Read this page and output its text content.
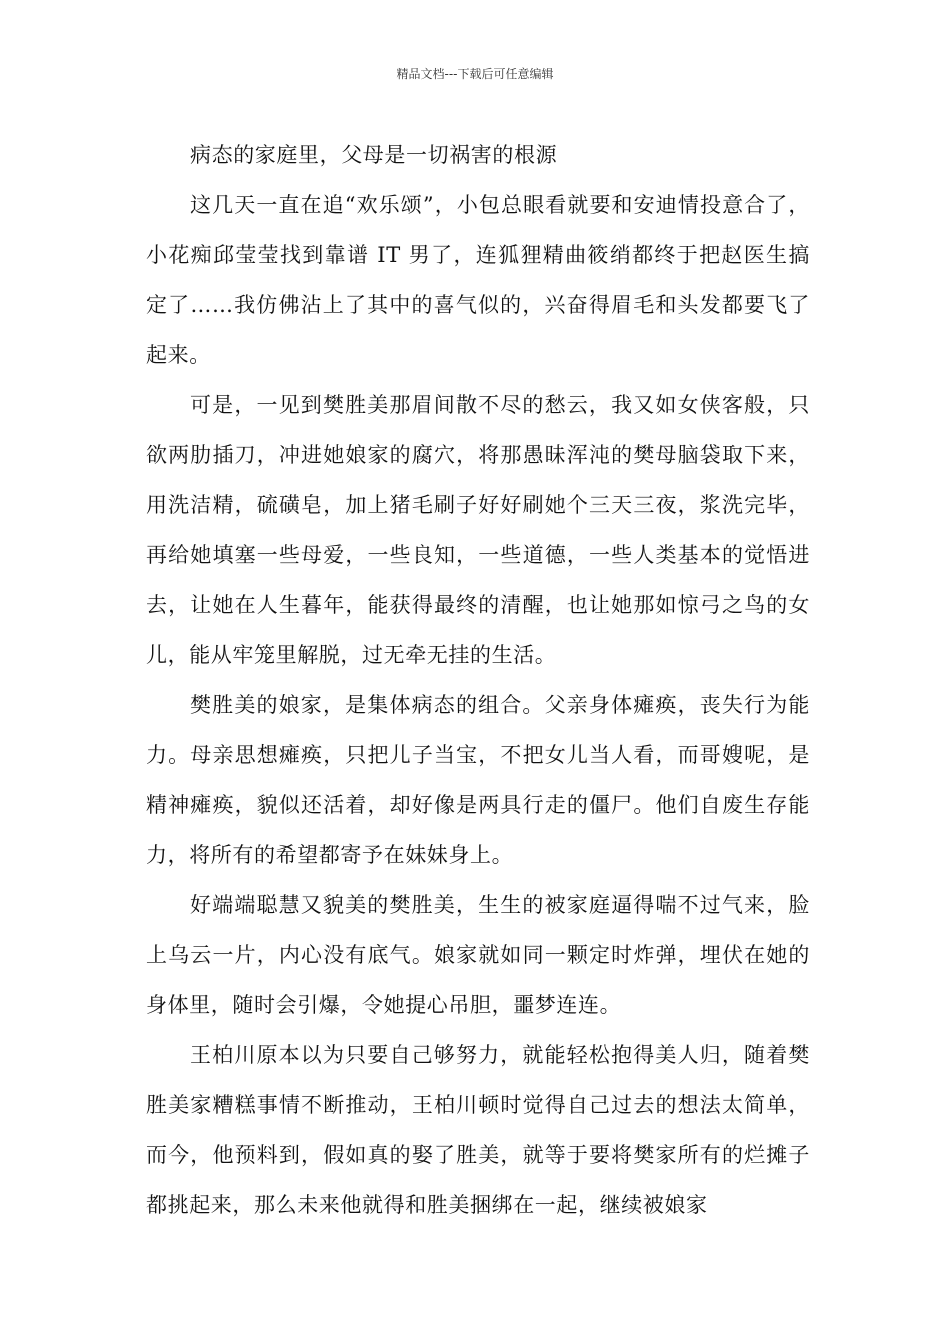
精品文档---下载后可任意编辑

病态的家庭里，父母是一切祸害的根源

这几天一直在追“欢乐颂”，小包总眼看就要和安迪情投意合了，小花痴邱莹莹找到靠谱 IT 男了，连狐狸精曲筱绡都终于把赵医生搞定了……我仿佛沾上了其中的喜气似的，兴奋得眉毛和头发都要飞了起来。

可是，一见到樊胜美那眉间散不尽的愁云，我又如女侠客般，只欲两肋插刀，冲进她娘家的腐穴，将那愚昧浑沌的樊母脑袋取下来，用洗洁精，硫磺皂，加上猪毛刷子好好刷她个三天三夜，浆洗完毕，再给她填塞一些母爱，一些良知，一些道德，一些人类基本的觉悟进去，让她在人生暮年，能获得最终的清醒，也让她那如惊弓之鸟的女儿，能从牢笼里解脱，过无牵无挂的生活。

樊胜美的娘家，是集体病态的组合。父亲身体瘫痪，丧失行为能力。母亲思想瘫痪，只把儿子当宝，不把女儿当人看，而哥嫂呢，是精神瘫痪，貌似还活着，却好像是两具行走的僵尸。他们自废生存能力，将所有的希望都寄予在妹妹身上。

好端端聪慧又貌美的樊胜美，生生的被家庭逼得喘不过气来，脸上乌云一片，内心没有底气。娘家就如同一颗定时炸弹，埋伏在她的身体里，随时会引爆，令她提心吊胆，噩梦连连。

王柏川原本以为只要自己够努力，就能轻松抱得美人归，随着樊胜美家糟糕事情不断推动，王柏川顿时觉得自己过去的想法太简单，而今，他预料到，假如真的娶了胜美，就等于要将樊家所有的烂摊子都挑起来，那么未来他就得和胜美捆绑在一起，继续被娘家
